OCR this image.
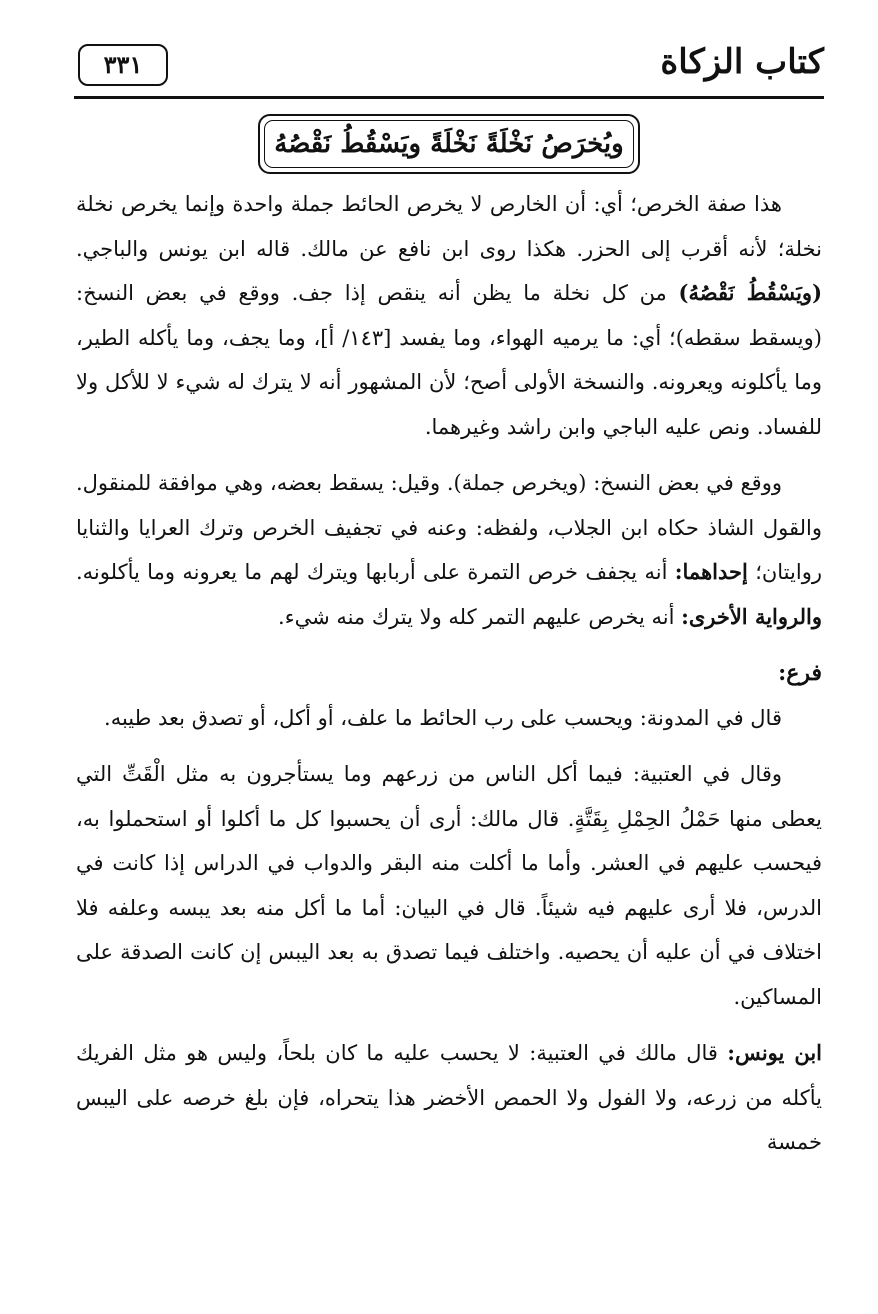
كتاب الزكاة
٣٣١
ويُخرَصُ نَخْلَةً نَخْلَةً ويَسْقُطُ نَقْصُهُ

هذا صفة الخرص؛ أي: أن الخارص لا يخرص الحائط جملة واحدة وإنما يخرص نخلة نخلة؛ لأنه أقرب إلى الحزر. هكذا روى ابن نافع عن مالك. قاله ابن يونس والباجي. (ويَسْقُطُ نَقْصُهُ) من كل نخلة ما يظن أنه ينقص إذا جف. ووقع في بعض النسخ: (ويسقط سقطه)؛ أي: ما يرميه الهواء، وما يفسد [١٤٣/ أ]، وما يجف، وما يأكله الطير، وما يأكلونه ويعرونه. والنسخة الأولى أصح؛ لأن المشهور أنه لا يترك له شيء لا للأكل ولا للفساد. ونص عليه الباجي وابن راشد وغيرهما.

ووقع في بعض النسخ: (ويخرص جملة). وقيل: يسقط بعضه، وهي موافقة للمنقول. والقول الشاذ حكاه ابن الجلاب، ولفظه: وعنه في تجفيف الخرص وترك العرايا والثنايا روايتان؛ إحداهما: أنه يجفف خرص التمرة على أربابها ويترك لهم ما يعرونه وما يأكلونه. والرواية الأخرى: أنه يخرص عليهم التمر كله ولا يترك منه شيء.

فرع:

قال في المدونة: ويحسب على رب الحائط ما علف، أو أكل، أو تصدق بعد طيبه.

وقال في العتبية: فيما أكل الناس من زرعهم وما يستأجرون به مثل الْقَتِّ التي يعطى منها حَمْلُ الحِمْلِ بِقَتَّةٍ. قال مالك: أرى أن يحسبوا كل ما أكلوا أو استحملوا به، فيحسب عليهم في العشر. وأما ما أكلت منه البقر والدواب في الدراس إذا كانت في الدرس، فلا أرى عليهم فيه شيئاً. قال في البيان: أما ما أكل منه بعد يبسه وعلفه فلا اختلاف في أن عليه أن يحصيه. واختلف فيما تصدق به بعد اليبس إن كانت الصدقة على المساكين.

ابن يونس: قال مالك في العتبية: لا يحسب عليه ما كان بلحاً، وليس هو مثل الفريك يأكله من زرعه، ولا الفول ولا الحمص الأخضر هذا يتحراه، فإن بلغ خرصه على اليبس خمسة
